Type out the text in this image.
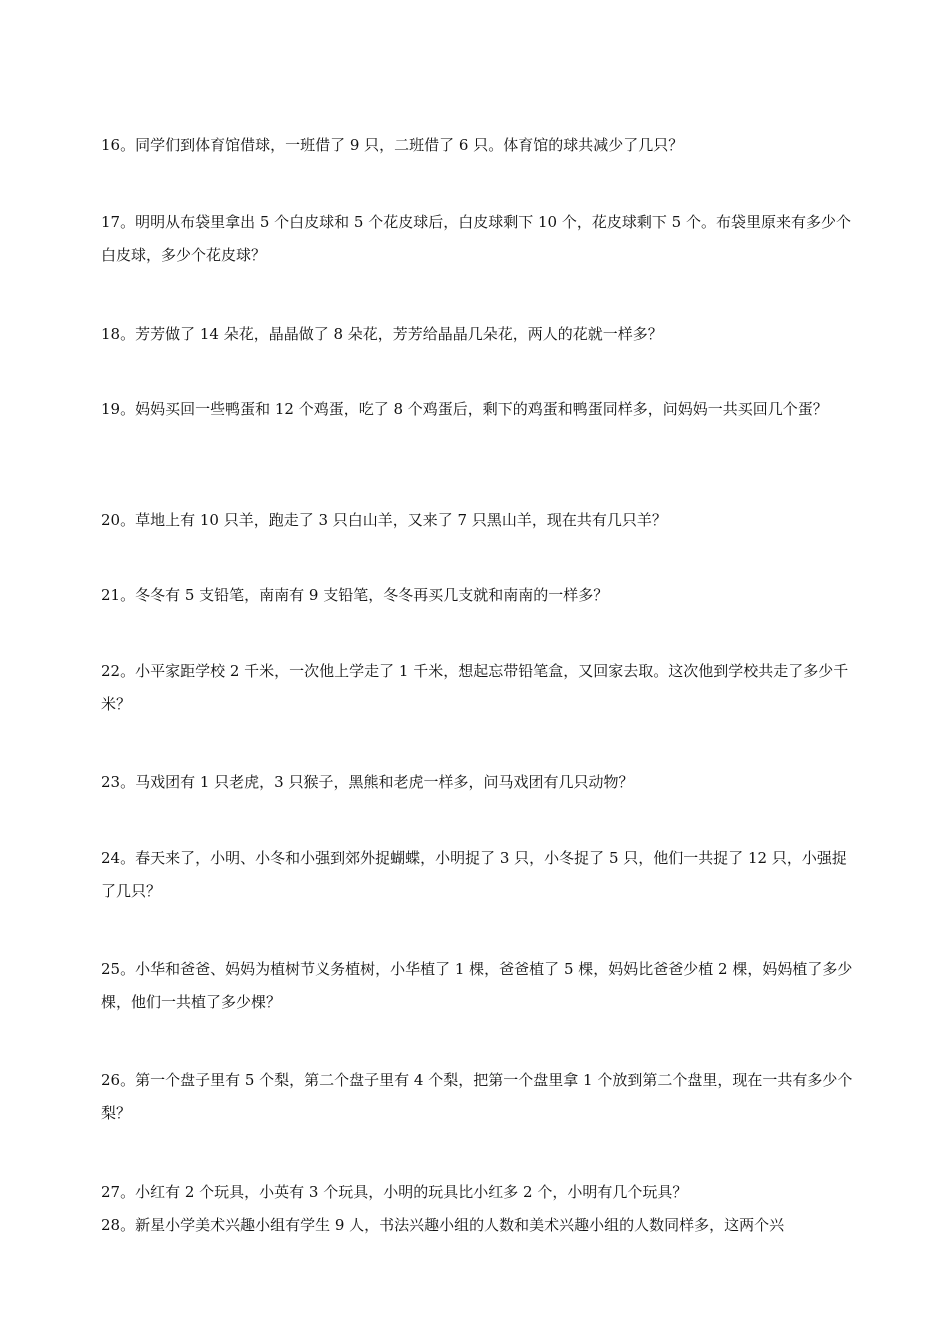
16。同学们到体育馆借球，一班借了 9 只，二班借了 6 只。体育馆的球共减少了几只？

17。明明从布袋里拿出 5 个白皮球和 5 个花皮球后，白皮球剩下 10 个，花皮球剩下 5 个。布袋里原来有多少个白皮球，多少个花皮球？

18。芳芳做了 14 朵花，晶晶做了 8 朵花，芳芳给晶晶几朵花，两人的花就一样多？

19。妈妈买回一些鸭蛋和 12 个鸡蛋，吃了 8 个鸡蛋后，剩下的鸡蛋和鸭蛋同样多，问妈妈一共买回几个蛋？

20。草地上有 10 只羊，跑走了 3 只白山羊，又来了 7 只黑山羊，现在共有几只羊？

21。冬冬有 5 支铅笔，南南有 9 支铅笔，冬冬再买几支就和南南的一样多？

22。小平家距学校 2 千米，一次他上学走了 1 千米，想起忘带铅笔盒，又回家去取。这次他到学校共走了多少千米？

23。马戏团有 1 只老虎，3 只猴子，黑熊和老虎一样多，问马戏团有几只动物？

24。春天来了，小明、小冬和小强到郊外捉蝴蝶，小明捉了 3 只，小冬捉了 5 只，他们一共捉了 12 只，小强捉了几只？

25。小华和爸爸、妈妈为植树节义务植树，小华植了 1 棵，爸爸植了 5 棵，妈妈比爸爸少植 2 棵，妈妈植了多少棵，他们一共植了多少棵？

26。第一个盘子里有 5 个梨，第二个盘子里有 4 个梨，把第一个盘里拿 1 个放到第二个盘里，现在一共有多少个梨？

27。小红有 2 个玩具，小英有 3 个玩具，小明的玩具比小红多 2 个，小明有几个玩具？

28。新星小学美术兴趣小组有学生 9 人，书法兴趣小组的人数和美术兴趣小组的人数同样多，这两个兴
